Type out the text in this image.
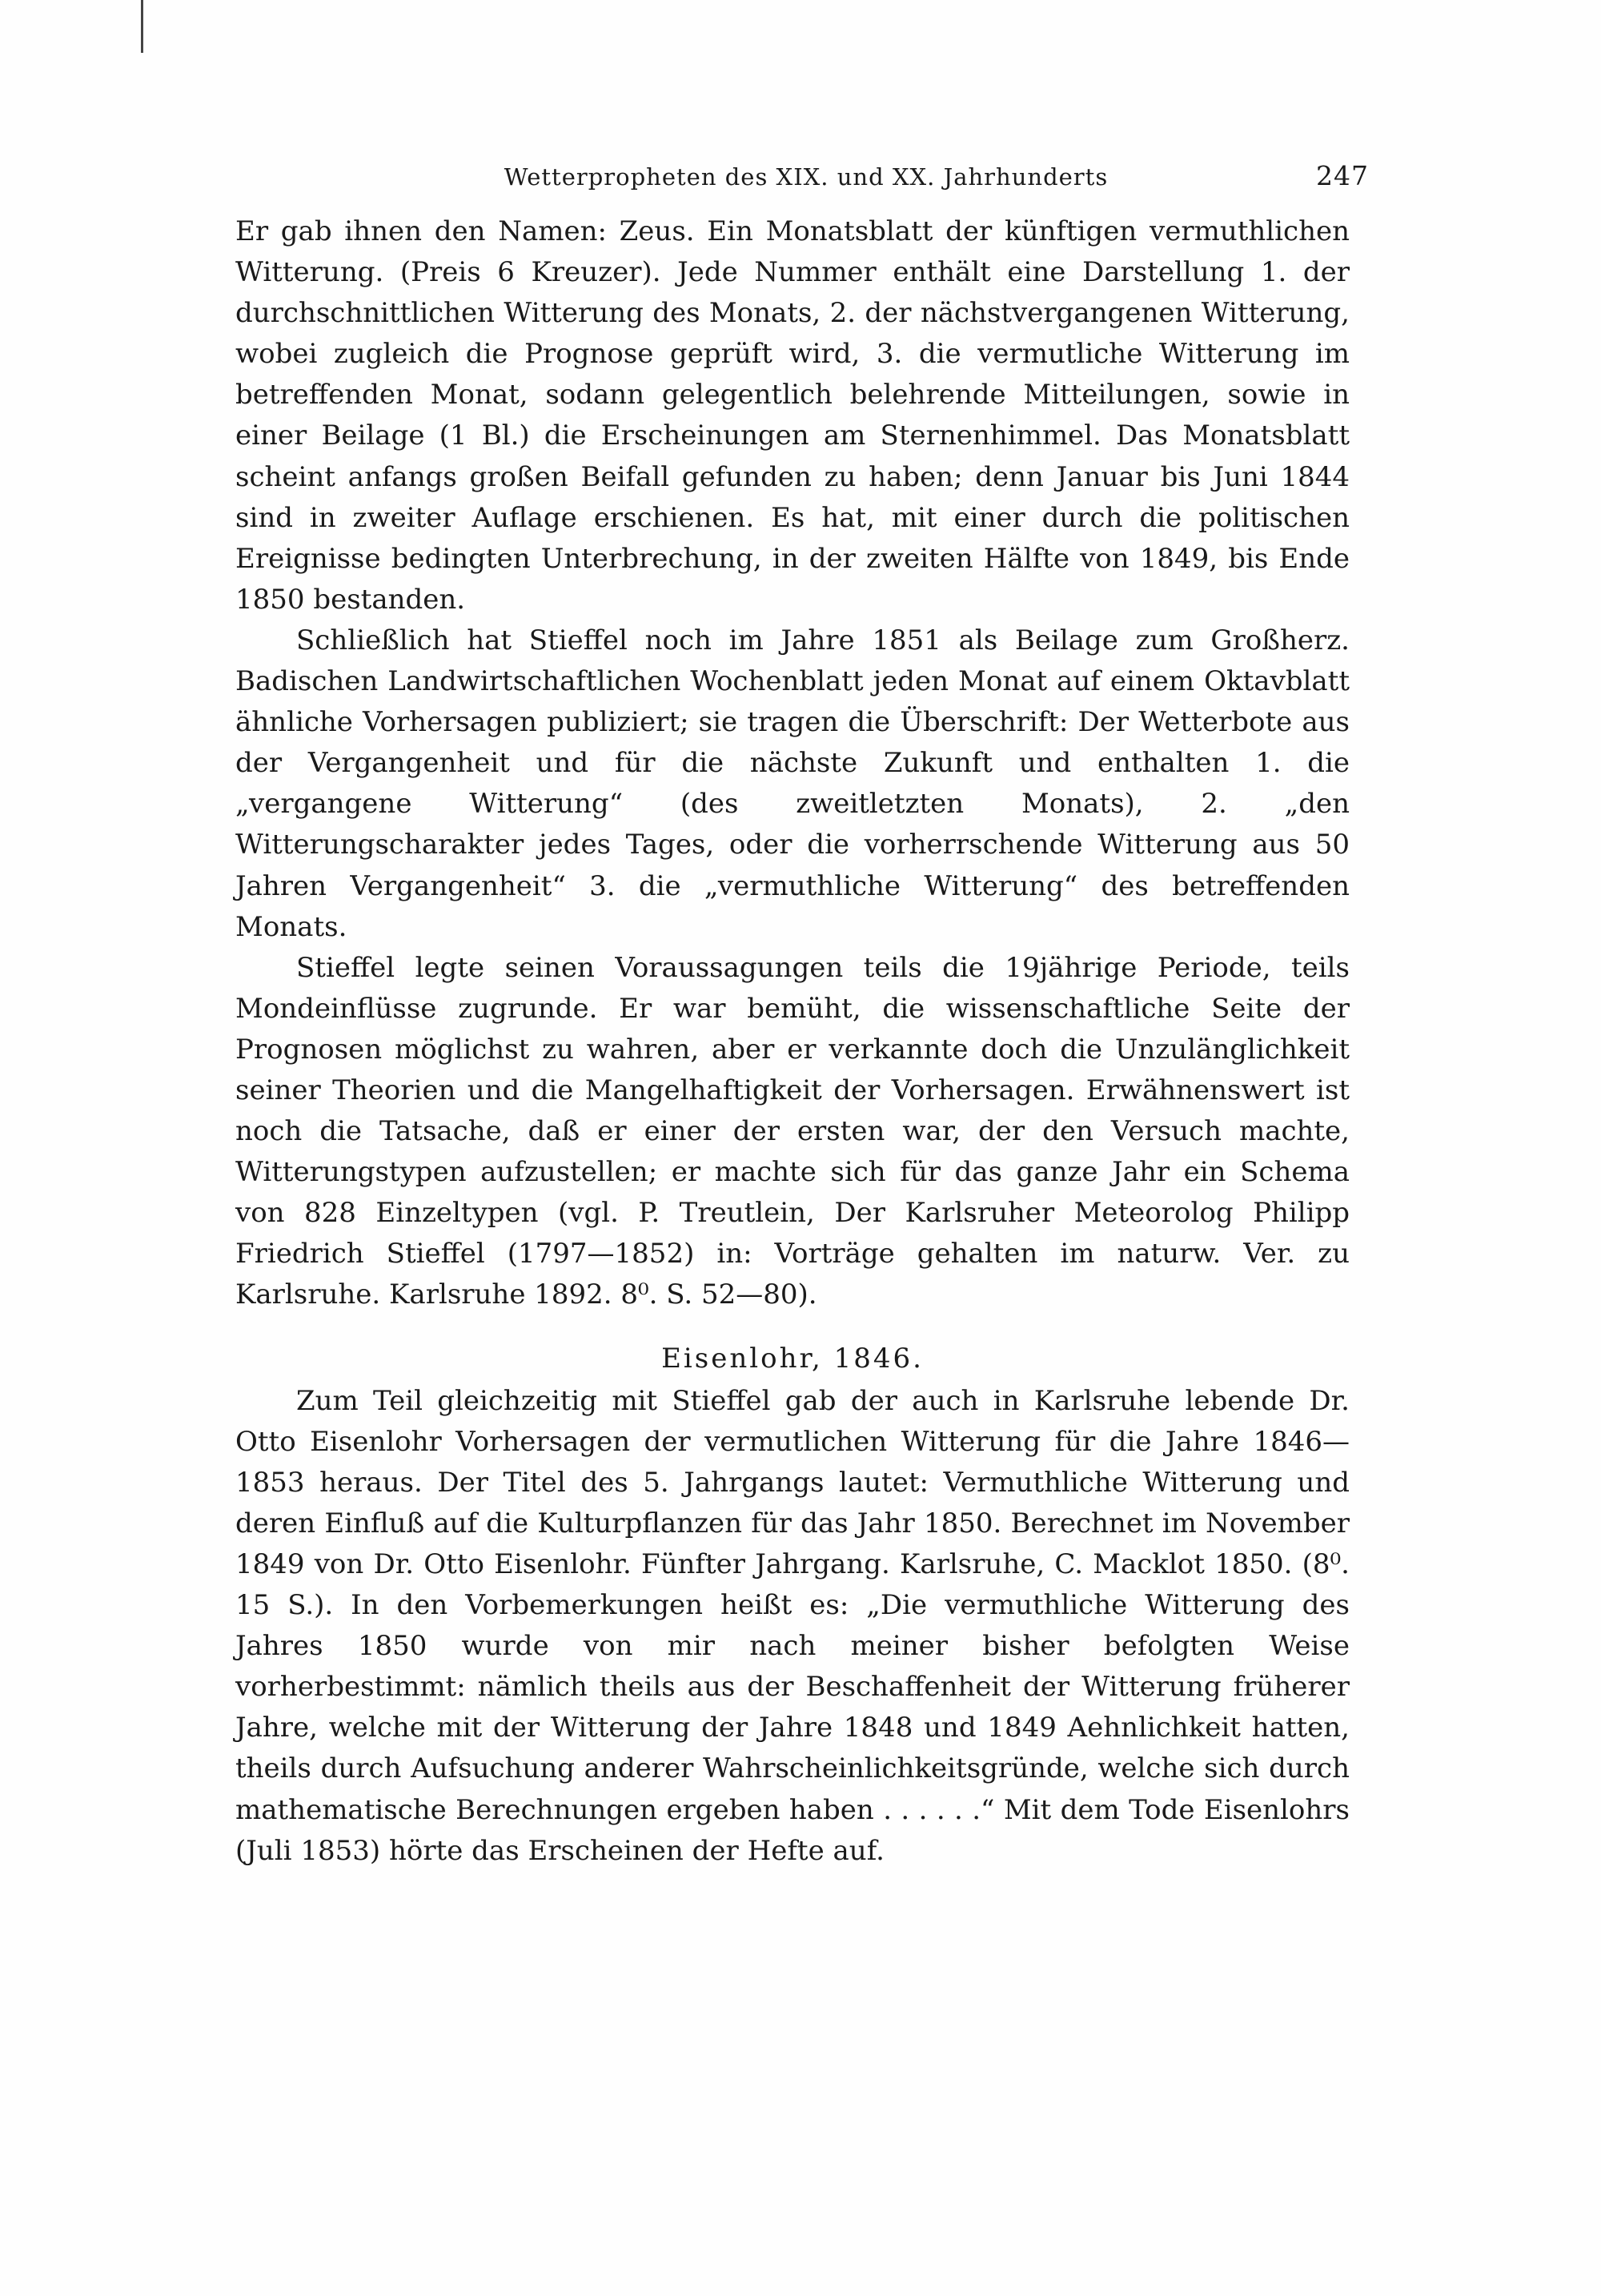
Wetterpropheten des XIX. und XX. Jahrhunderts	247

Er gab ihnen den Namen: Zeus. Ein Monatsblatt der künftigen vermuthlichen Witterung. (Preis 6 Kreuzer). Jede Nummer enthält eine Darstellung 1. der durchschnittlichen Witterung des Monats, 2. der nächstvergangenen Witterung, wobei zugleich die Prognose geprüft wird, 3. die vermutliche Witterung im betreffenden Monat, sodann gelegentlich belehrende Mitteilungen, sowie in einer Beilage (1 Bl.) die Erscheinungen am Sternenhimmel. Das Monatsblatt scheint anfangs großen Beifall gefunden zu haben; denn Januar bis Juni 1844 sind in zweiter Auflage erschienen. Es hat, mit einer durch die politischen Ereignisse bedingten Unterbrechung, in der zweiten Hälfte von 1849, bis Ende 1850 bestanden.

Schließlich hat Stieffel noch im Jahre 1851 als Beilage zum Großherz. Badischen Landwirtschaftlichen Wochenblatt jeden Monat auf einem Oktavblatt ähnliche Vorhersagen publiziert; sie tragen die Überschrift: Der Wetterbote aus der Vergangenheit und für die nächste Zukunft und enthalten 1. die „vergangene Witterung“ (des zweitletzten Monats), 2. „den Witterungscharakter jedes Tages, oder die vorherrschende Witterung aus 50 Jahren Vergangenheit“ 3. die „vermuthliche Witterung“ des betreffenden Monats.

Stieffel legte seinen Voraussagungen teils die 19jährige Periode, teils Mondeinflüsse zugrunde. Er war bemüht, die wissenschaftliche Seite der Prognosen möglichst zu wahren, aber er verkannte doch die Unzulänglichkeit seiner Theorien und die Mangelhaftigkeit der Vorhersagen. Erwähnenswert ist noch die Tatsache, daß er einer der ersten war, der den Versuch machte, Witterungstypen aufzustellen; er machte sich für das ganze Jahr ein Schema von 828 Einzeltypen (vgl. P. Treutlein, Der Karlsruher Meteorolog Philipp Friedrich Stieffel (1797—1852) in: Vorträge gehalten im naturw. Ver. zu Karlsruhe. Karlsruhe 1892. 8⁰. S. 52—80).

Eisenlohr, 1846.

Zum Teil gleichzeitig mit Stieffel gab der auch in Karlsruhe lebende Dr. Otto Eisenlohr Vorhersagen der vermutlichen Witterung für die Jahre 1846—1853 heraus. Der Titel des 5. Jahrgangs lautet: Vermuthliche Witterung und deren Einfluß auf die Kulturpflanzen für das Jahr 1850. Berechnet im November 1849 von Dr. Otto Eisenlohr. Fünfter Jahrgang. Karlsruhe, C. Macklot 1850. (8⁰. 15 S.). In den Vorbemerkungen heißt es: „Die vermuthliche Witterung des Jahres 1850 wurde von mir nach meiner bisher befolgten Weise vorherbestimmt: nämlich theils aus der Beschaffenheit der Witterung früherer Jahre, welche mit der Witterung der Jahre 1848 und 1849 Aehnlichkeit hatten, theils durch Aufsuchung anderer Wahrscheinlichkeitsgründe, welche sich durch mathematische Berechnungen ergeben haben . . . . . .“ Mit dem Tode Eisenlohrs (Juli 1853) hörte das Erscheinen der Hefte auf.
